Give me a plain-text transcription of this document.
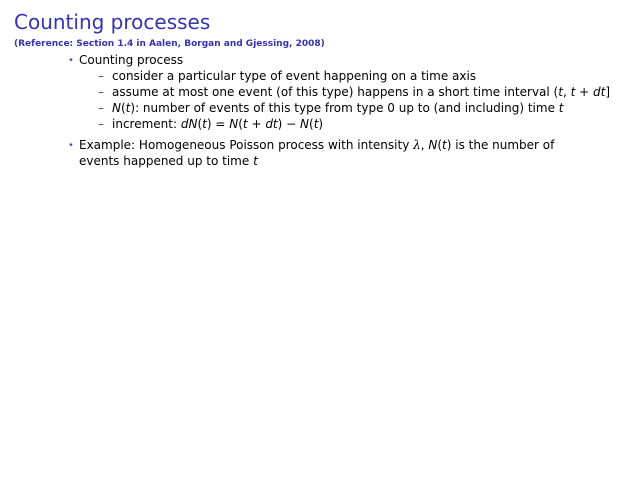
Counting processes

(Reference: Section 1.4 in Aalen, Borgan and Gjessing, 2008)

⋆ Counting process
– consider a particular type of event happening on a time axis
– assume at most one event (of this type) happens in a short time interval (t, t + dt]
– N(t): number of events of this type from type 0 up to (and including) time t
– increment: dN(t) = N(t + dt) − N(t)
⋆ Example: Homogeneous Poisson process with intensity λ, N(t) is the number of events happened up to time t
